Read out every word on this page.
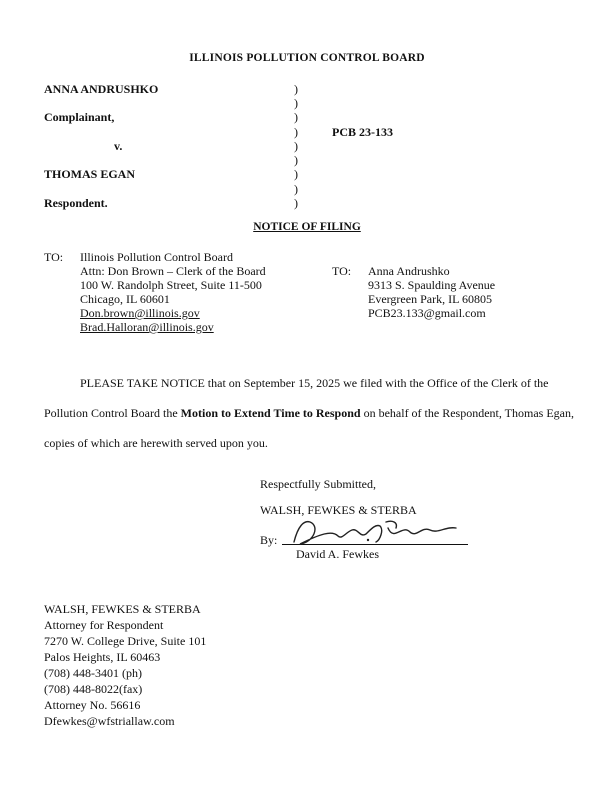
ILLINOIS POLLUTION CONTROL BOARD
ANNA ANDRUSHKO
Complainant,
v.
THOMAS EGAN
Respondent.
PCB 23-133
)
)
)
)
)
)
)
)
)
NOTICE OF FILING
TO: Illinois Pollution Control Board
Attn: Don Brown – Clerk of the Board
100 W. Randolph Street, Suite 11-500
Chicago, IL 60601
Don.brown@illinois.gov
Brad.Halloran@illinois.gov
TO: Anna Andrushko
9313 S. Spaulding Avenue
Evergreen Park, IL 60805
PCB23.133@gmail.com
PLEASE TAKE NOTICE that on September 15, 2025 we filed with the Office of the Clerk of the
Pollution Control Board the Motion to Extend Time to Respond on behalf of the Respondent, Thomas Egan,
copies of which are herewith served upon you.
Respectfully Submitted,
WALSH, FEWKES & STERBA
By:
David A. Fewkes
WALSH, FEWKES & STERBA
Attorney for Respondent
7270 W. College Drive, Suite 101
Palos Heights, IL 60463
(708) 448-3401 (ph)
(708) 448-8022(fax)
Attorney No. 56616
Dfewkes@wfstriallaw.com
